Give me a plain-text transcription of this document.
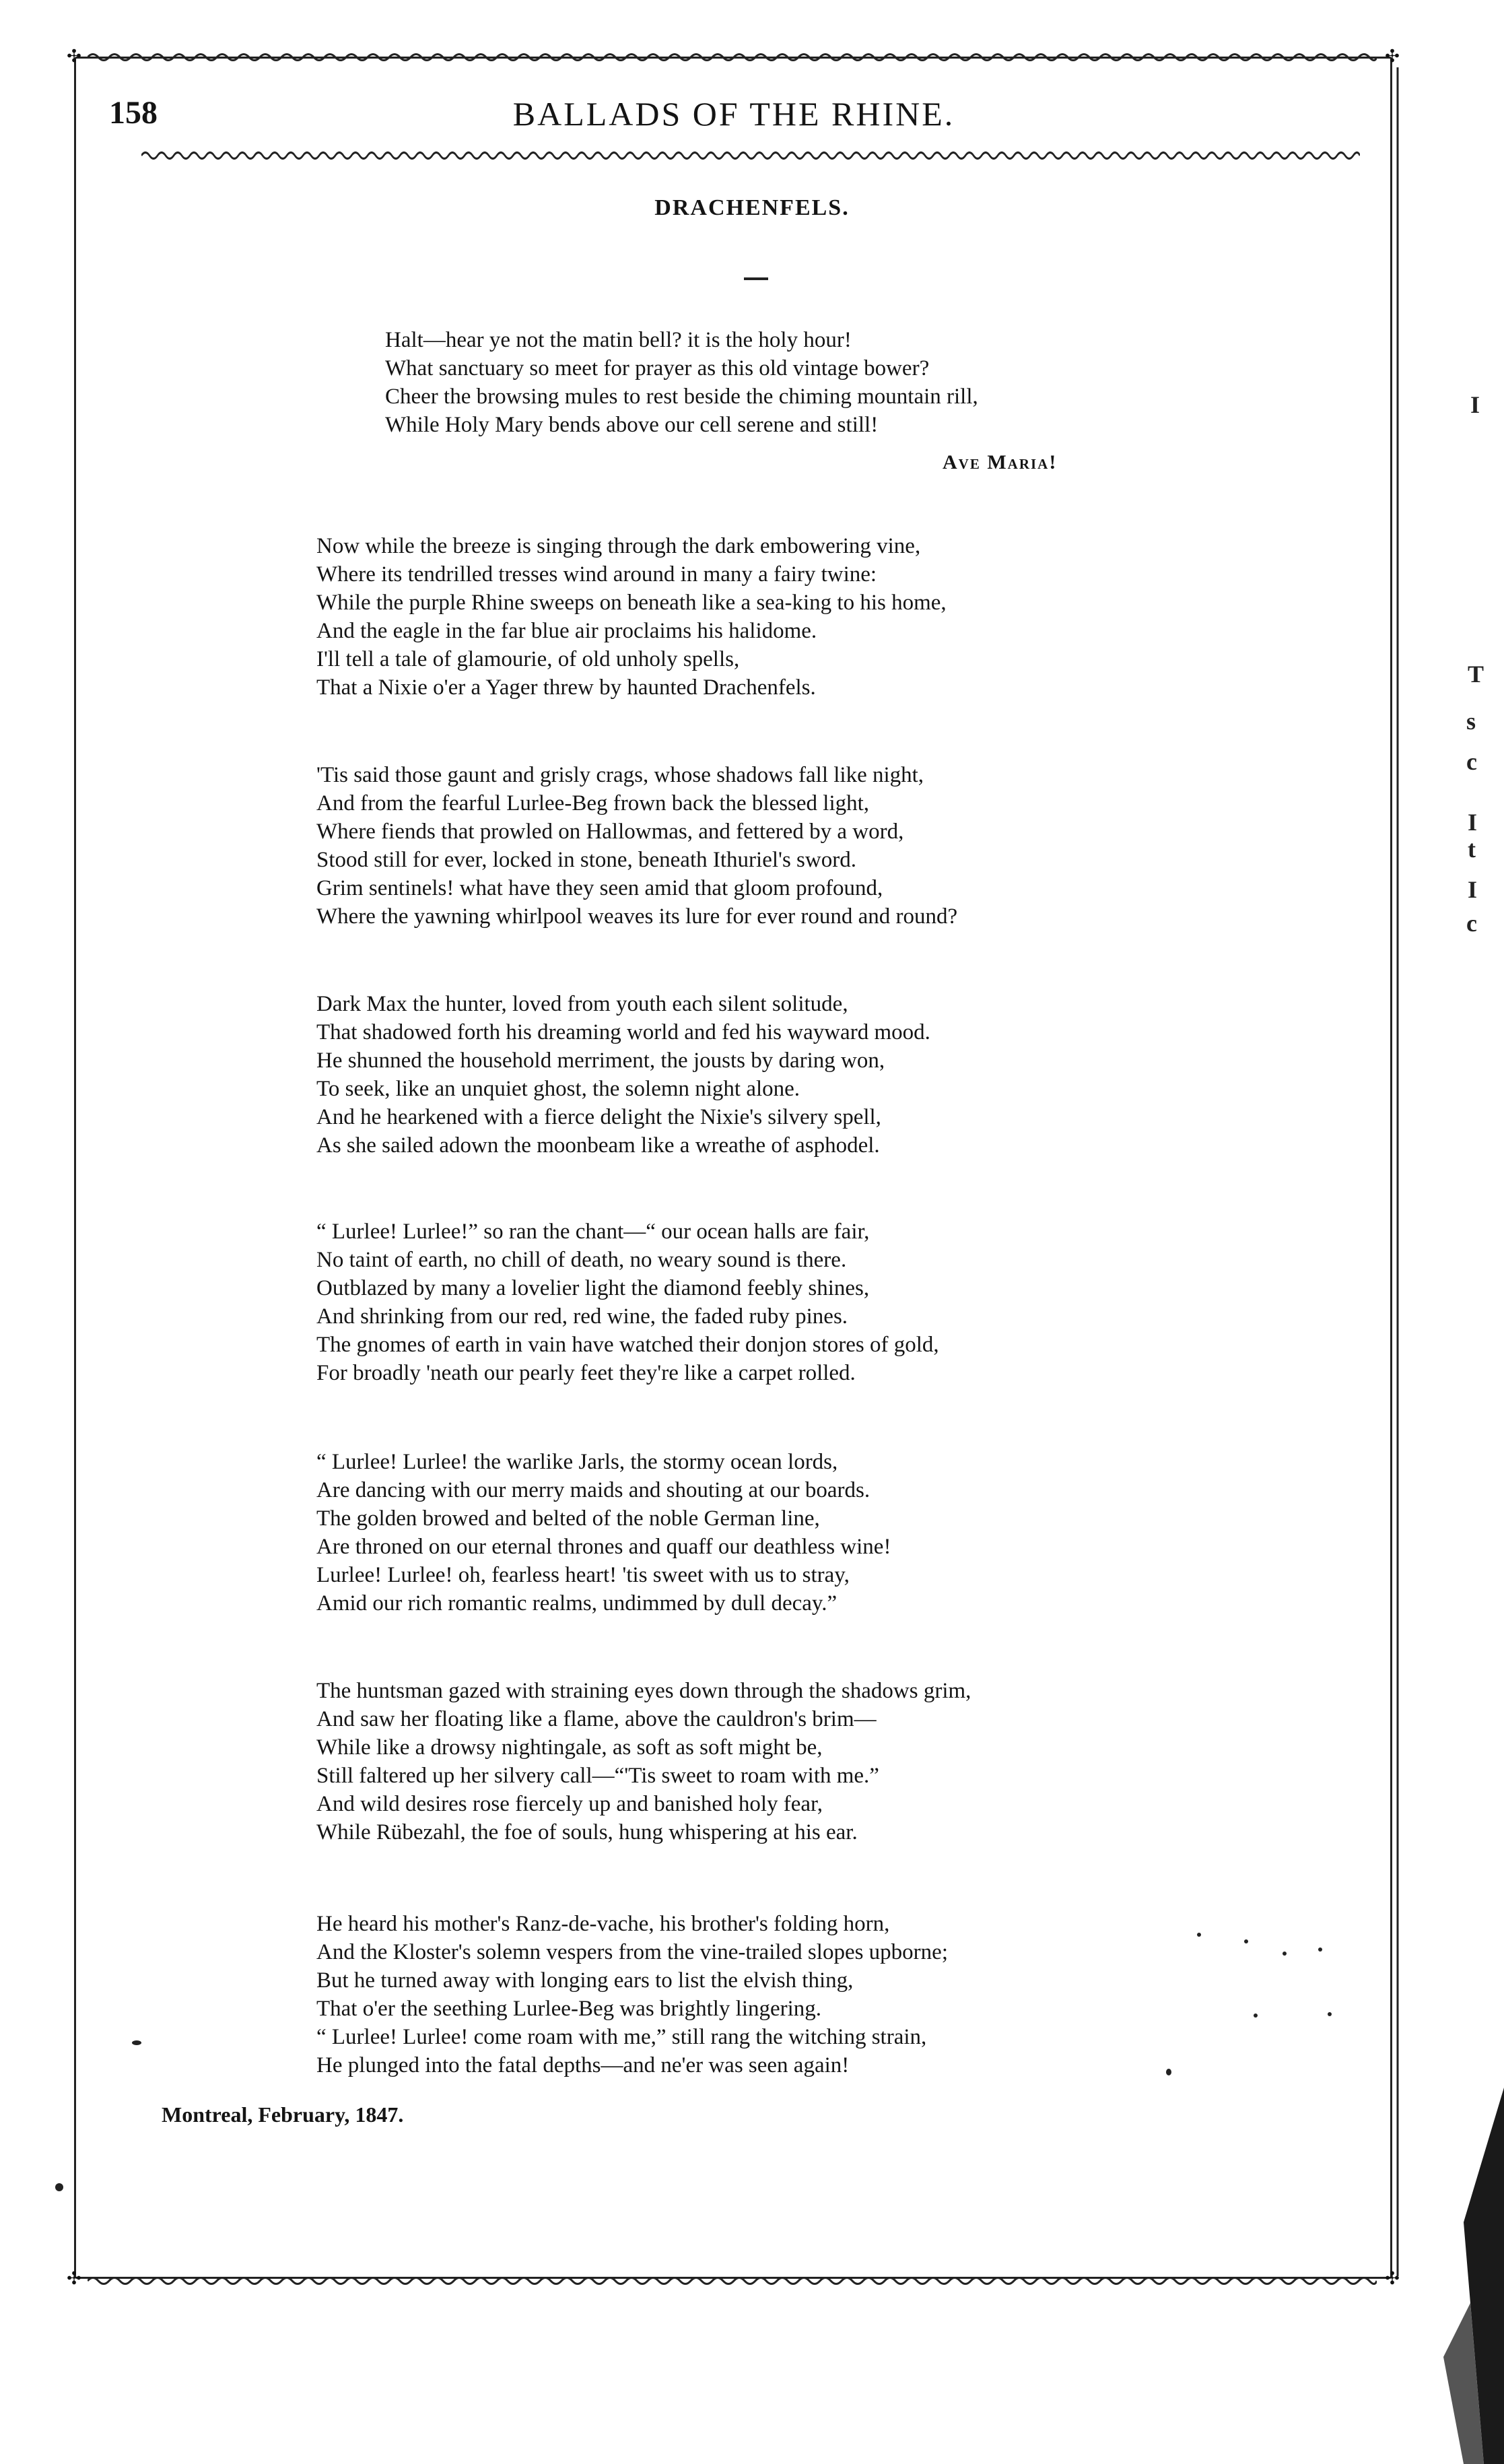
✣	✣
✣	✣
158	BALLADS OF THE RHINE.
DRACHENFELS.
Halt—hear ye not the matin bell? it is the holy hour!
What sanctuary so meet for prayer as this old vintage bower?
Cheer the browsing mules to rest beside the chiming mountain rill,
While Holy Mary bends above our cell serene and still!
Ave Maria!
Now while the breeze is singing through the dark embowering vine,
Where its tendrilled tresses wind around in many a fairy twine:
While the purple Rhine sweeps on beneath like a sea-king to his home,
And the eagle in the far blue air proclaims his halidome.
I'll tell a tale of glamourie, of old unholy spells,
That a Nixie o'er a Yager threw by haunted Drachenfels.
'Tis said those gaunt and grisly crags, whose shadows fall like night,
And from the fearful Lurlee-Beg frown back the blessed light,
Where fiends that prowled on Hallowmas, and fettered by a word,
Stood still for ever, locked in stone, beneath Ithuriel's sword.
Grim sentinels! what have they seen amid that gloom profound,
Where the yawning whirlpool weaves its lure for ever round and round?
Dark Max the hunter, loved from youth each silent solitude,
That shadowed forth his dreaming world and fed his wayward mood.
He shunned the household merriment, the jousts by daring won,
To seek, like an unquiet ghost, the solemn night alone.
And he hearkened with a fierce delight the Nixie's silvery spell,
As she sailed adown the moonbeam like a wreathe of asphodel.
“ Lurlee! Lurlee!” so ran the chant—“ our ocean halls are fair,
No taint of earth, no chill of death, no weary sound is there.
Outblazed by many a lovelier light the diamond feebly shines,
And shrinking from our red, red wine, the faded ruby pines.
The gnomes of earth in vain have watched their donjon stores of gold,
For broadly 'neath our pearly feet they're like a carpet rolled.
“ Lurlee! Lurlee! the warlike Jarls, the stormy ocean lords,
Are dancing with our merry maids and shouting at our boards.
The golden browed and belted of the noble German line,
Are throned on our eternal thrones and quaff our deathless wine!
Lurlee! Lurlee! oh, fearless heart! 'tis sweet with us to stray,
Amid our rich romantic realms, undimmed by dull decay.”
The huntsman gazed with straining eyes down through the shadows grim,
And saw her floating like a flame, above the cauldron's brim—
While like a drowsy nightingale, as soft as soft might be,
Still faltered up her silvery call—“'Tis sweet to roam with me.”
And wild desires rose fiercely up and banished holy fear,
While Rübezahl, the foe of souls, hung whispering at his ear.
He heard his mother's Ranz-de-vache, his brother's folding horn,
And the Kloster's solemn vespers from the vine-trailed slopes upborne;
But he turned away with longing ears to list the elvish thing,
That o'er the seething Lurlee-Beg was brightly lingering.
“ Lurlee! Lurlee! come roam with me,” still rang the witching strain,
He plunged into the fatal depths—and ne'er was seen again!
Montreal, February, 1847.
I
T
s
c
I
t
I
c
